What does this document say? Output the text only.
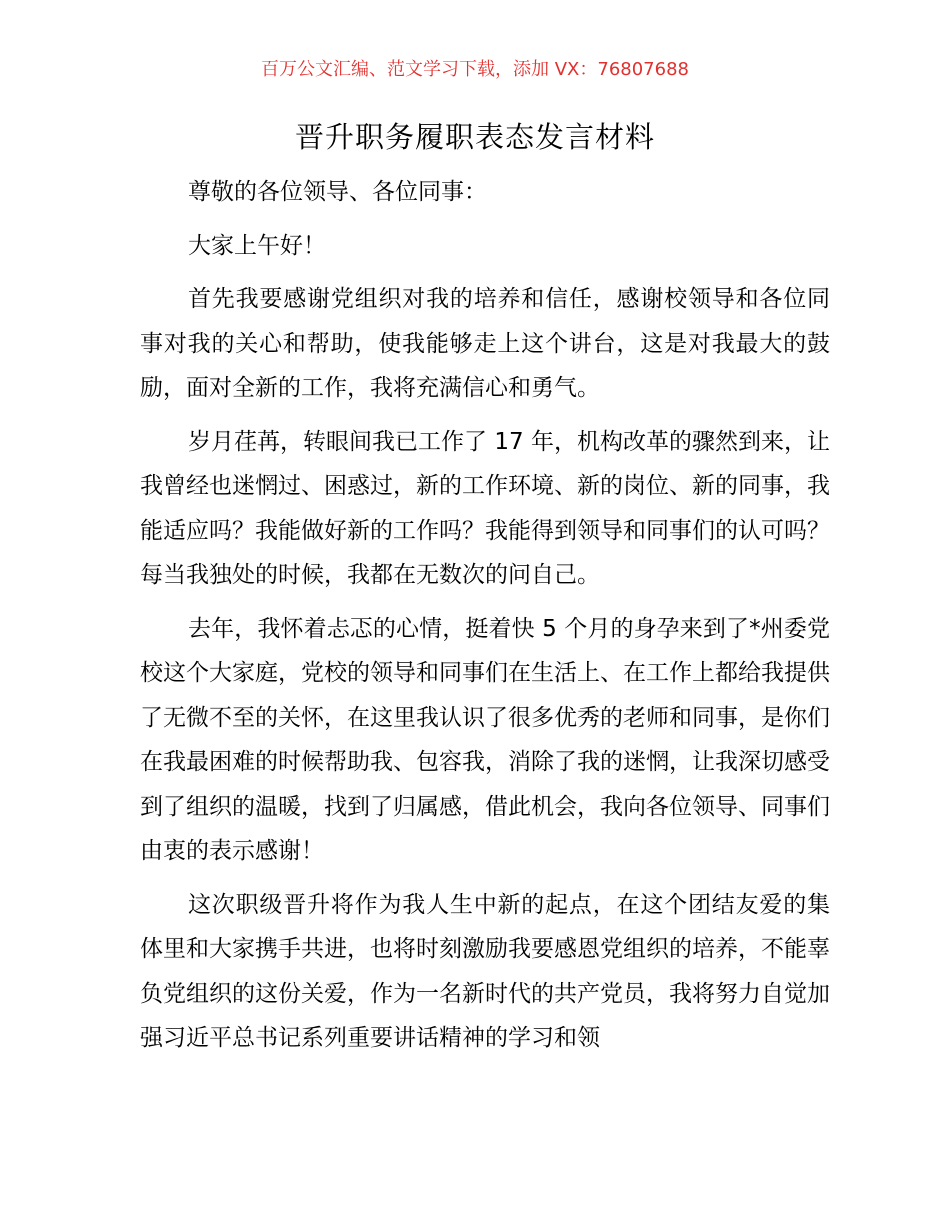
百万公文汇编、范文学习下载，添加 VX：76807688
晋升职务履职表态发言材料

尊敬的各位领导、各位同事：

大家上午好！

首先我要感谢党组织对我的培养和信任，感谢校领导和各位同事对我的关心和帮助，使我能够走上这个讲台，这是对我最大的鼓励，面对全新的工作，我将充满信心和勇气。

岁月荏苒，转眼间我已工作了 17 年，机构改革的骤然到来，让我曾经也迷惘过、困惑过，新的工作环境、新的岗位、新的同事，我能适应吗？我能做好新的工作吗？我能得到领导和同事们的认可吗？每当我独处的时候，我都在无数次的问自己。

去年，我怀着忐忑的心情，挺着快 5 个月的身孕来到了*州委党校这个大家庭，党校的领导和同事们在生活上、在工作上都给我提供了无微不至的关怀，在这里我认识了很多优秀的老师和同事，是你们在我最困难的时候帮助我、包容我，消除了我的迷惘，让我深切感受到了组织的温暖，找到了归属感，借此机会，我向各位领导、同事们由衷的表示感谢！

这次职级晋升将作为我人生中新的起点，在这个团结友爱的集体里和大家携手共进，也将时刻激励我要感恩党组织的培养，不能辜负党组织的这份关爱，作为一名新时代的共产党员，我将努力自觉加强习近平总书记系列重要讲话精神的学习和领
